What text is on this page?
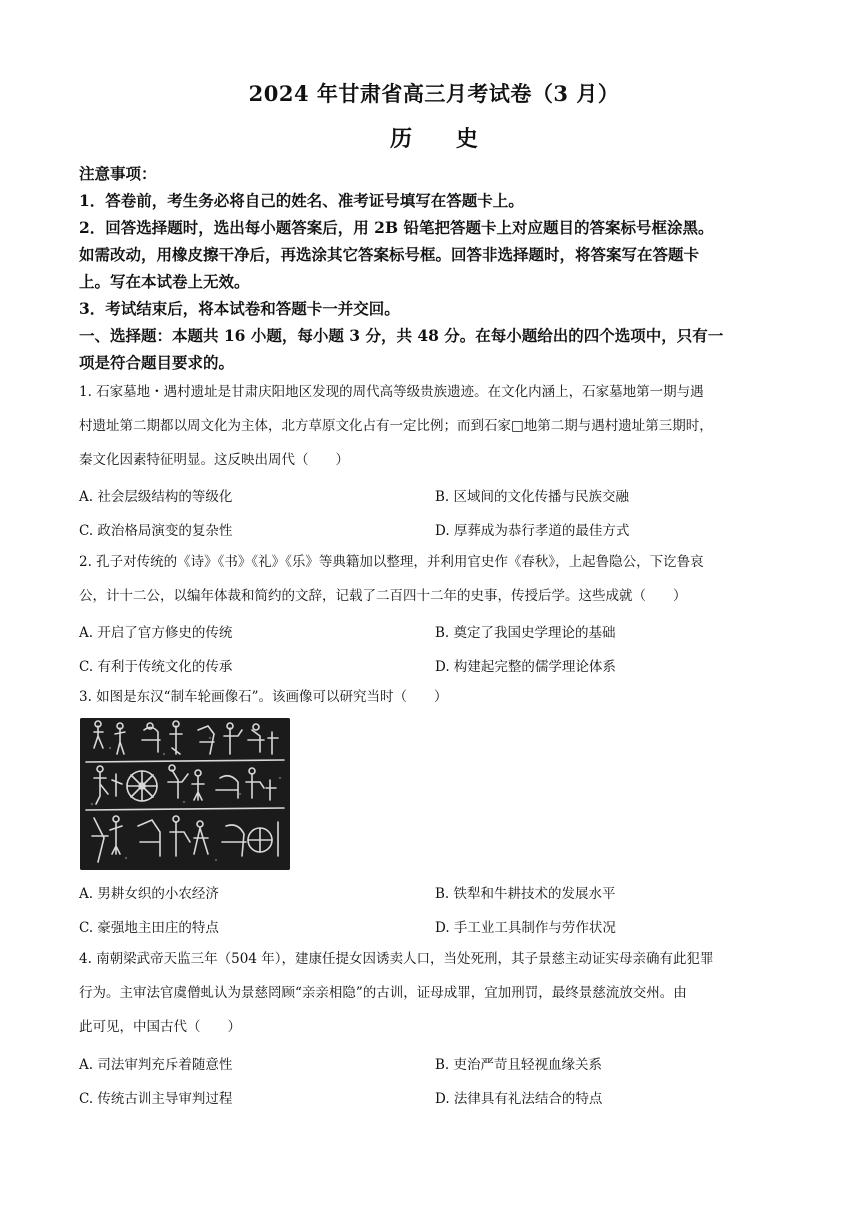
2024 年甘肃省高三月考试卷（3 月）
历 史
注意事项：
1．答卷前，考生务必将自己的姓名、准考证号填写在答题卡上。
2．回答选择题时，选出每小题答案后，用 2B 铅笔把答题卡上对应题目的答案标号框涂黑。
如需改动，用橡皮擦干净后，再选涂其它答案标号框。回答非选择题时，将答案写在答题卡
上。写在本试卷上无效。
3．考试结束后，将本试卷和答题卡一并交回。
一、选择题：本题共 16 小题，每小题 3 分，共 48 分。在每小题给出的四个选项中，只有一
项是符合题目要求的。
1. 石家墓地・遇村遗址是甘肃庆阳地区发现的周代高等级贵族遗迹。在文化内涵上，石家墓地第一期与遇
村遗址第二期都以周文化为主体，北方草原文化占有一定比例；而到石家□地第二期与遇村遗址第三期时，
秦文化因素特征明显。这反映出周代（　　）
A. 社会层级结构的等级化	B. 区域间的文化传播与民族交融
C. 政治格局演变的复杂性	D. 厚葬成为恭行孝道的最佳方式
2. 孔子对传统的《诗》《书》《礼》《乐》等典籍加以整理，并利用官史作《春秋》，上起鲁隐公，下讫鲁哀
公，计十二公，以编年体裁和简约的文辞，记载了二百四十二年的史事，传授后学。这些成就（　　）
A. 开启了官方修史的传统	B. 奠定了我国史学理论的基础
C. 有利于传统文化的传承	D. 构建起完整的儒学理论体系
3. 如图是东汉“制车轮画像石”。该画像可以研究当时（　　）
A. 男耕女织的小农经济	B. 铁犁和牛耕技术的发展水平
C. 豪强地主田庄的特点	D. 手工业工具制作与劳作状况
4. 南朝梁武帝天监三年（504 年），建康任提女因诱卖人口，当处死刑，其子景慈主动证实母亲确有此犯罪
行为。主审法官虞僧虬认为景慈罔顾“亲亲相隐”的古训，证母成罪，宜加刑罚，最终景慈流放交州。由
此可见，中国古代（　　）
A. 司法审判充斥着随意性	B. 吏治严苛且轻视血缘关系
C. 传统古训主导审判过程	D. 法律具有礼法结合的特点
